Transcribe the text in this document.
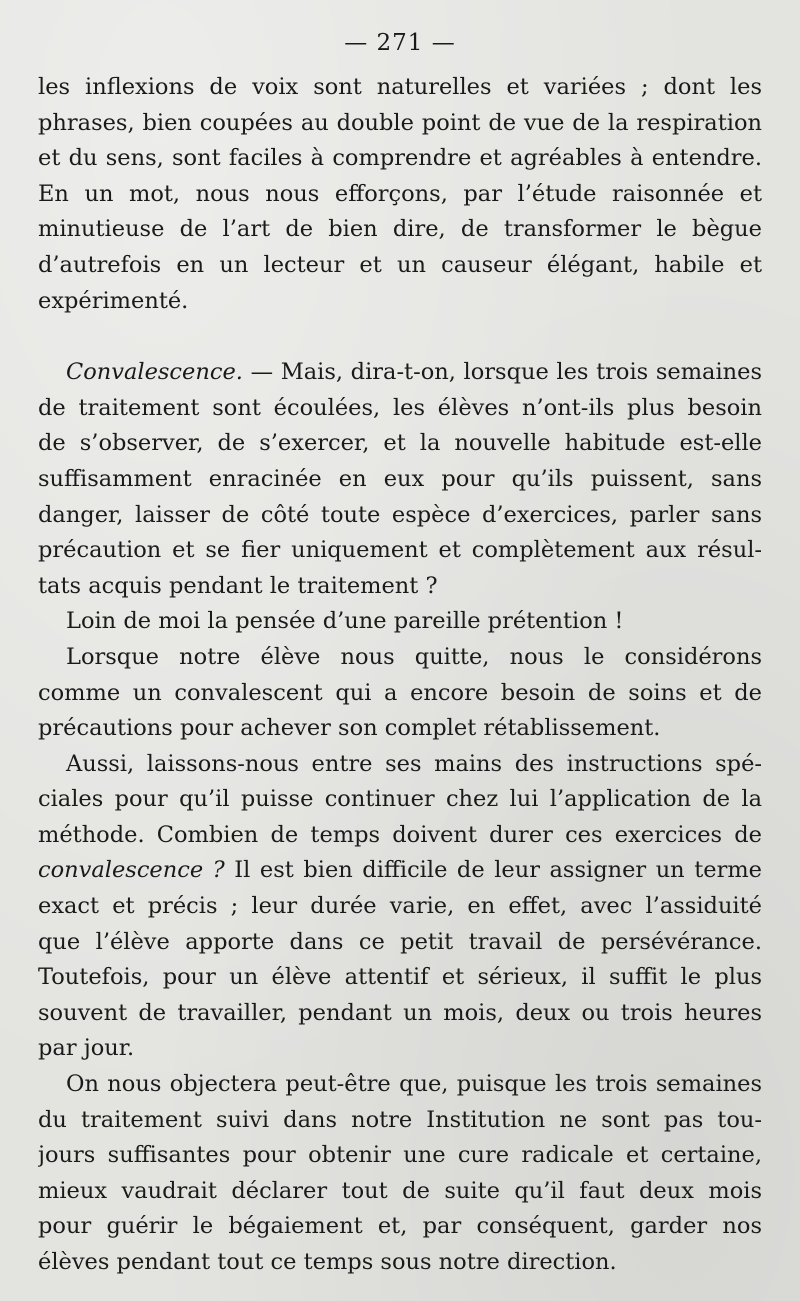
— 271 —
les inflexions de voix sont naturelles et variées ; dont les
phrases, bien coupées au double point de vue de la respiration
et du sens, sont faciles à comprendre et agréables à entendre.
En un mot, nous nous efforçons, par l’étude raisonnée et
minutieuse de l’art de bien dire, de transformer le bègue
d’autrefois en un lecteur et un causeur élégant, habile et
expérimenté.
Convalescence. — Mais, dira-t-on, lorsque les trois semaines
de traitement sont écoulées, les élèves n’ont-ils plus besoin
de s’observer, de s’exercer, et la nouvelle habitude est-elle
suffisamment enracinée en eux pour qu’ils puissent, sans
danger, laisser de côté toute espèce d’exercices, parler sans
précaution et se fier uniquement et complètement aux résul-
tats acquis pendant le traitement ?
Loin de moi la pensée d’une pareille prétention !
Lorsque notre élève nous quitte, nous le considérons
comme un convalescent qui a encore besoin de soins et de
précautions pour achever son complet rétablissement.
Aussi, laissons-nous entre ses mains des instructions spé-
ciales pour qu’il puisse continuer chez lui l’application de la
méthode. Combien de temps doivent durer ces exercices de
convalescence ? Il est bien difficile de leur assigner un terme
exact et précis ; leur durée varie, en effet, avec l’assiduité
que l’élève apporte dans ce petit travail de persévérance.
Toutefois, pour un élève attentif et sérieux, il suffit le plus
souvent de travailler, pendant un mois, deux ou trois heures
par jour.
On nous objectera peut-être que, puisque les trois semaines
du traitement suivi dans notre Institution ne sont pas tou-
jours suffisantes pour obtenir une cure radicale et certaine,
mieux vaudrait déclarer tout de suite qu’il faut deux mois
pour guérir le bégaiement et, par conséquent, garder nos
élèves pendant tout ce temps sous notre direction.
